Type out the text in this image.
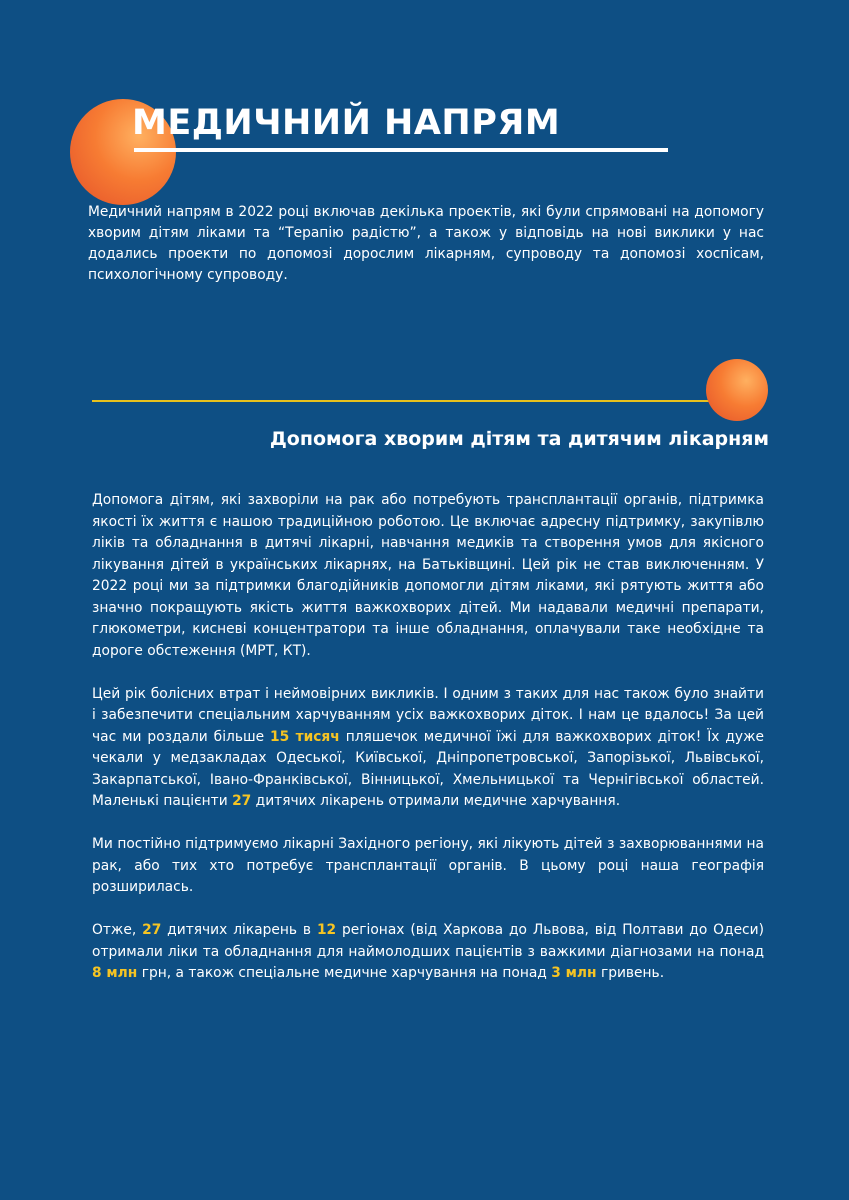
МЕДИЧНИЙ НАПРЯМ

Медичний напрям в 2022 році включав декілька проектів, які були спрямовані на допомогу хворим дітям ліками та “Терапію радістю”, а також у відповідь на нові виклики у нас додались проекти по допомозі дорослим лікарням, супроводу та допомозі хоспісам, психологічному супроводу.

Допомога хворим дітям та дитячим лікарням

Допомога дітям, які захворіли на рак або потребують трансплантації органів, підтримка якості їх життя є нашою традиційною роботою. Це включає адресну підтримку, закупівлю ліків та обладнання в дитячі лікарні, навчання медиків та створення умов для якісного лікування дітей в українських лікарнях, на Батьківщині. Цей рік не став виключенням. У 2022 році ми за підтримки благодійників допомогли дітям ліками, які рятують життя або значно покращують якість життя важкохворих дітей. Ми надавали медичні препарати, глюкометри, кисневі концентратори та інше обладнання, оплачували таке необхідне та дороге обстеження (МРТ, КТ).

Цей рік болісних втрат і неймовірних викликів. І одним з таких для нас також було знайти і забезпечити спеціальним харчуванням усіх важкохворих діток. І нам це вдалось! За цей час ми роздали більше 15 тисяч пляшечок медичної їжі для важкохворих діток! Їх дуже чекали у медзакладах Одеської, Київської, Дніпропетровської, Запорізької, Львівської, Закарпатської, Івано-Франківської, Вінницької, Хмельницької та Чернігівської областей. Маленькі пацієнти 27 дитячих лікарень отримали медичне харчування.

Ми постійно підтримуємо лікарні Західного регіону, які лікують дітей з захворюваннями на рак, або тих хто потребує трансплантації органів. В цьому році наша географія розширилась.

Отже, 27 дитячих лікарень в 12 регіонах (від Харкова до Львова, від Полтави до Одеси) отримали ліки та обладнання для наймолодших пацієнтів з важкими діагнозами на понад 8 млн грн, а також спеціальне медичне харчування на понад 3 млн гривень.
